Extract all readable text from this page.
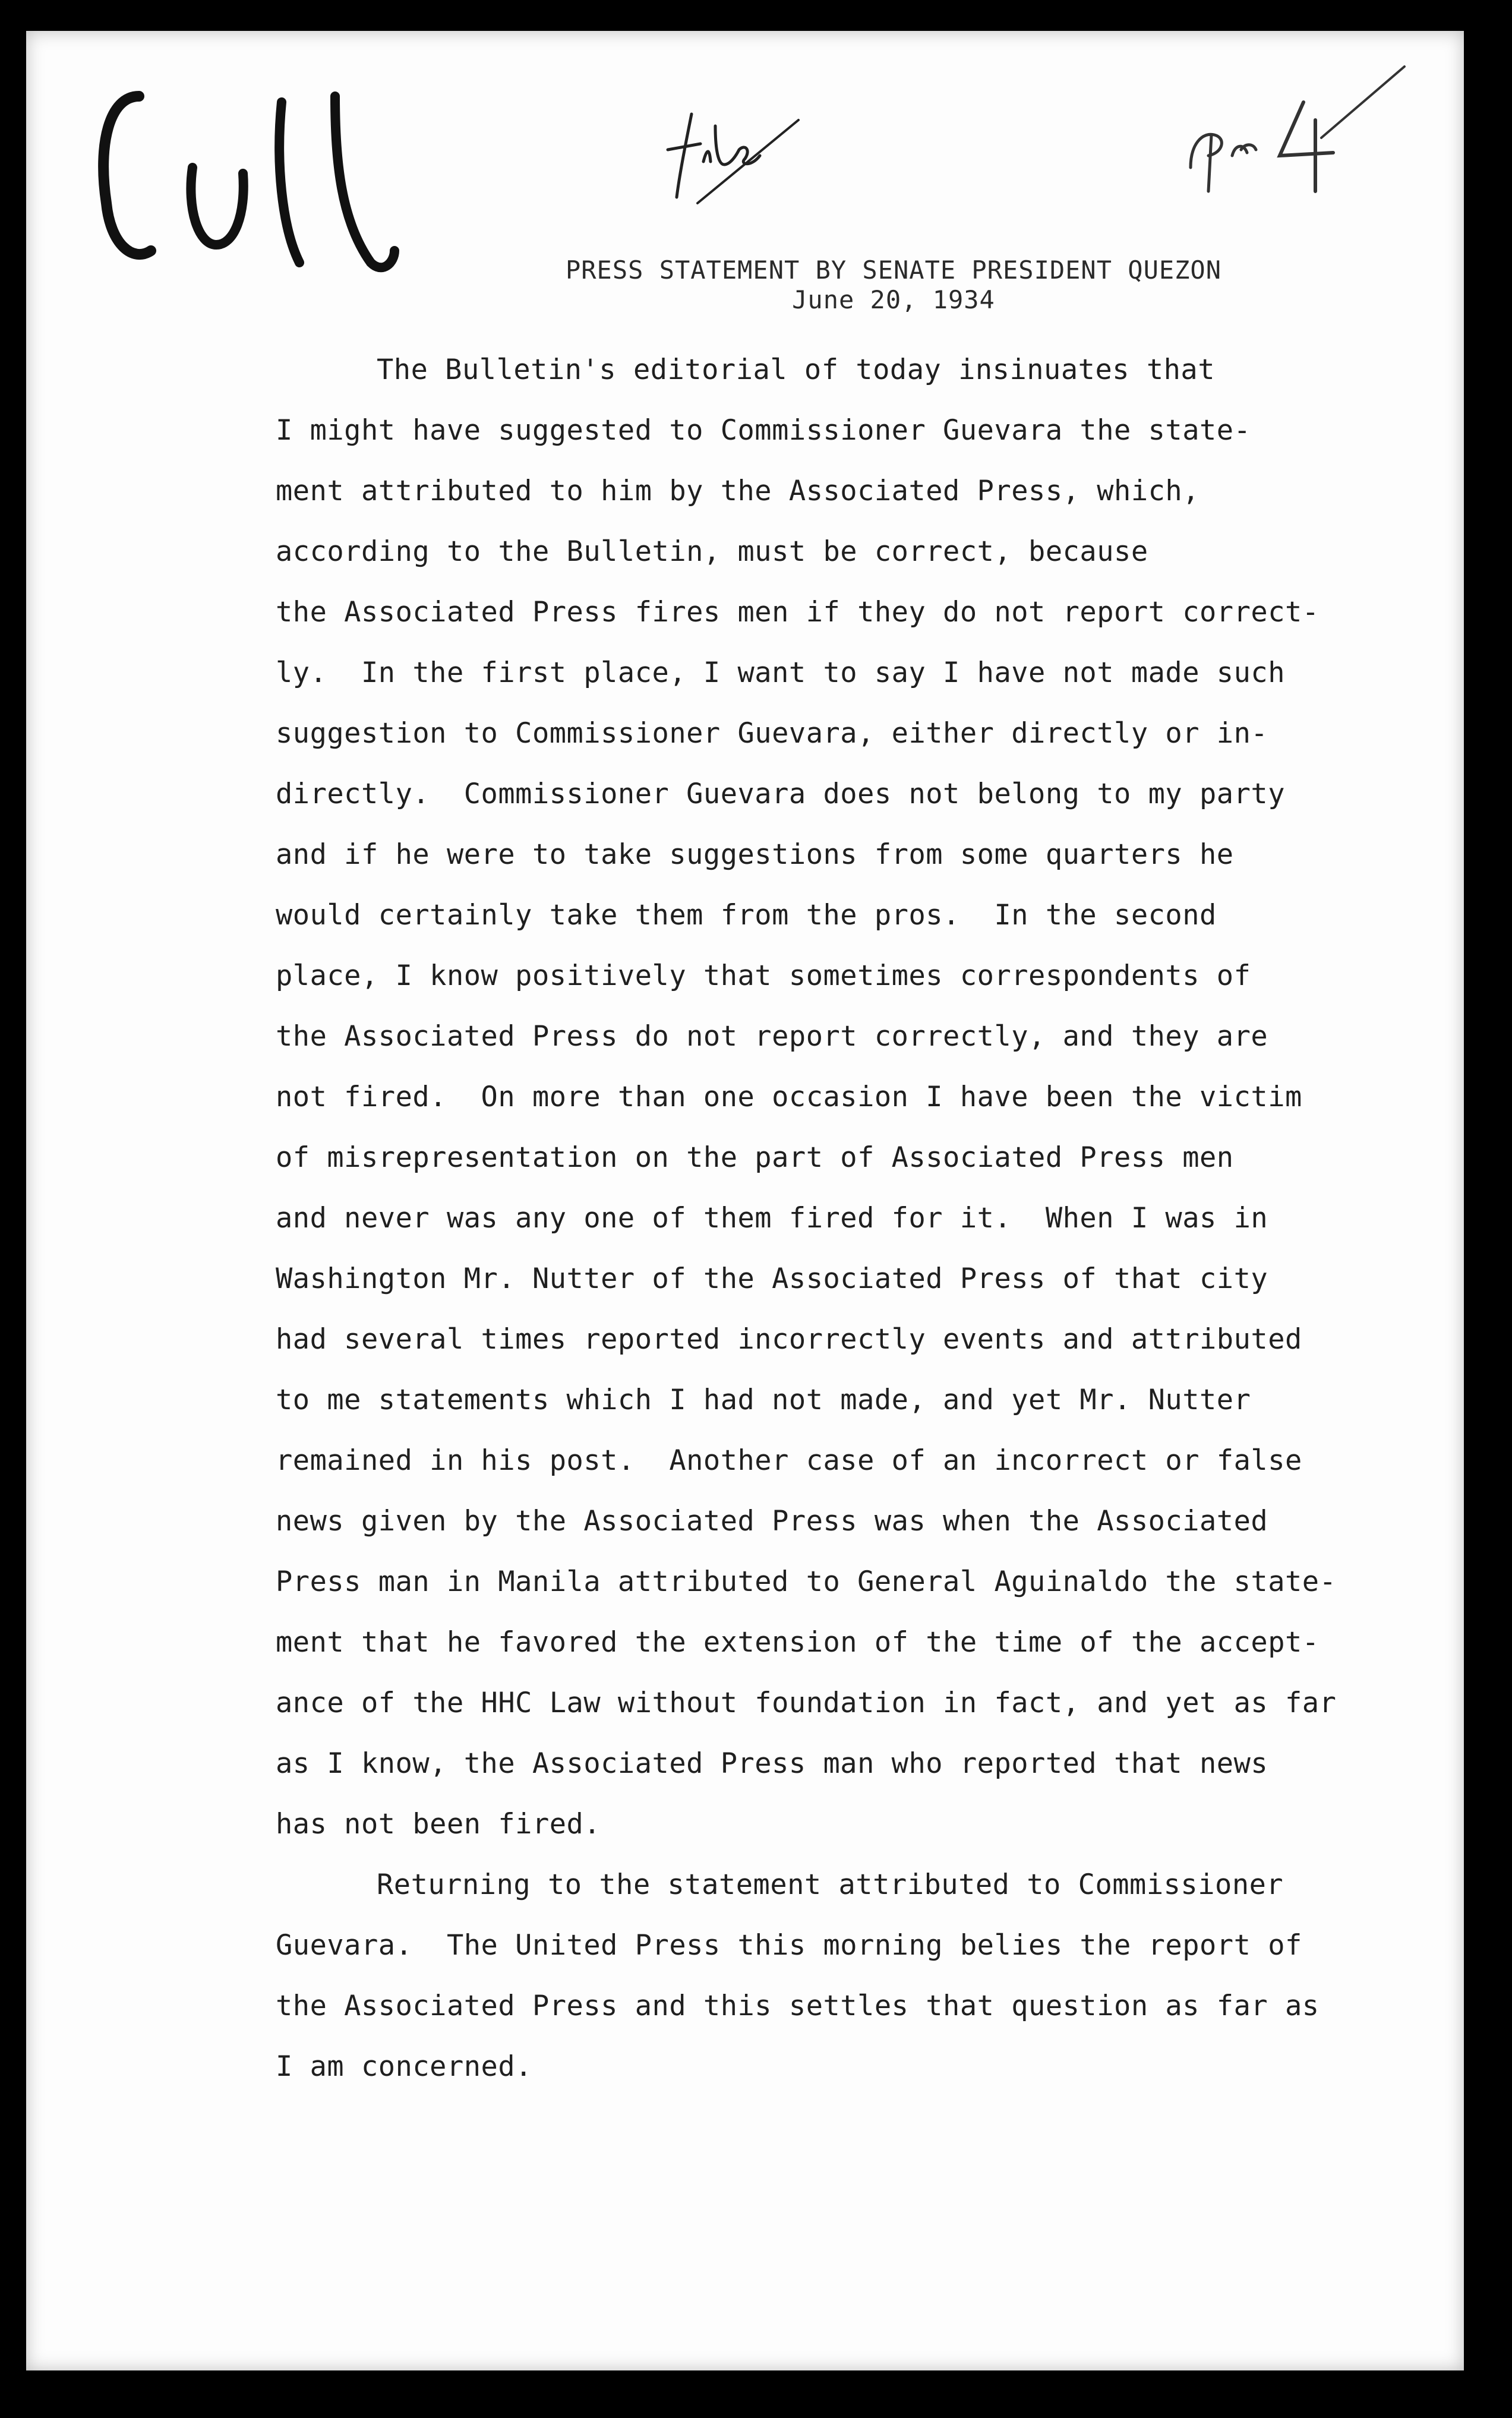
PRESS STATEMENT BY SENATE PRESIDENT QUEZON
June 20, 1934
The Bulletin's editorial of today insinuates that
I might have suggested to Commissioner Guevara the state-
ment attributed to him by the Associated Press, which,
according to the Bulletin, must be correct, because
the Associated Press fires men if they do not report correct-
ly.  In the first place, I want to say I have not made such
suggestion to Commissioner Guevara, either directly or in-
directly.  Commissioner Guevara does not belong to my party
and if he were to take suggestions from some quarters he
would certainly take them from the pros.  In the second
place, I know positively that sometimes correspondents of
the Associated Press do not report correctly, and they are
not fired.  On more than one occasion I have been the victim
of misrepresentation on the part of Associated Press men
and never was any one of them fired for it.  When I was in
Washington Mr. Nutter of the Associated Press of that city
had several times reported incorrectly events and attributed
to me statements which I had not made, and yet Mr. Nutter
remained in his post.  Another case of an incorrect or false
news given by the Associated Press was when the Associated
Press man in Manila attributed to General Aguinaldo the state-
ment that he favored the extension of the time of the accept-
ance of the HHC Law without foundation in fact, and yet as far
as I know, the Associated Press man who reported that news
has not been fired.
Returning to the statement attributed to Commissioner
Guevara.  The United Press this morning belies the report of
the Associated Press and this settles that question as far as
I am concerned.
